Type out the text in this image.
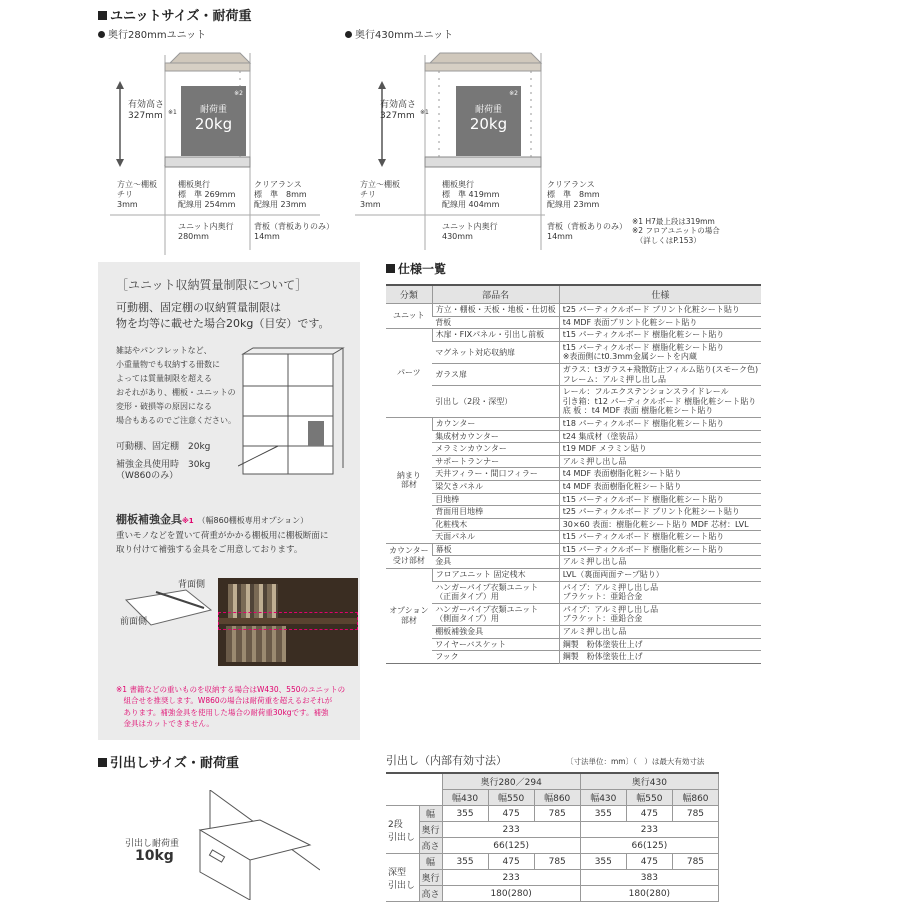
ユニットサイズ・耐荷重
奥行280mmユニット
有効高さ
327mm ※1	耐荷重
※2
20kg
方立〜棚板
チリ
3mm
棚板奥行
標　準 269mm
配線用 254mm
クリアランス
標　準　8mm
配線用 23mm
ユニット内奥行
280mm
背板（背板ありのみ）
14mm
奥行430mmユニット
有効高さ
327mm ※1	耐荷重
※2
20kg
方立〜棚板
チリ
3mm
棚板奥行
標　準 419mm
配線用 404mm
クリアランス
標　準　8mm
配線用 23mm
ユニット内奥行
430mm
背板（背板ありのみ）
14mm
※1 H7最上段は319mm
※2 フロアユニットの場合
　（詳しくはP.153）
［ユニット収納質量制限について］
可動棚、固定棚の収納質量制限は
物を均等に載せた場合20kg（目安）です。
雑誌やパンフレットなど、
小重量物でも収納する冊数に
よっては質量制限を超える
おそれがあり、棚板・ユニットの
変形・破損等の原因になる
場合もあるのでご注意ください。
可動棚、固定棚　20kg
補強金具使用時　30kg
（W860のみ）
棚板補強金具※1 （幅860棚板専用オプション）
重いモノなどを置いて荷重がかかる棚板用に棚板断面に
取り付けて補強する金具をご用意しております。
背面側
前面側
※1 書籍などの重いものを収納する場合はW430、550のユニットの
　組合せを推奨します。W860の場合は耐荷重を超えるおそれが
　あります。補強金具を使用した場合の耐荷重30kgです。補強
　金具はカットできません。
仕様一覧
分類	部品名	仕様
ユニット	方立・棚板・天板・地板・仕切板	t25 パーティクルボード プリント化粧シート貼り
	背板	t4 MDF 表面プリント化粧シート貼り
パーツ	木扉・FIXパネル・引出し前板	t15 パーティクルボード 樹脂化粧シート貼り
	マグネット対応収納扉	t15 パーティクルボード 樹脂化粧シート貼り
※表面側にt0.3mm金属シートを内蔵
	ガラス扉	ガラス：t3ガラス+飛散防止フィルム貼り(スモーク色)
フレーム：アルミ押し出し品
	引出し（2段・深型）	レール：フルエクステンションスライドレール
引き箱：t12 パーティクルボード 樹脂化粧シート貼り
底 板 ：t4 MDF 表面 樹脂化粧シート貼り
納まり
部材	カウンター	t18 パーティクルボード 樹脂化粧シート貼り
	集成材カウンター	t24 集成材（塗装品）
	メラミンカウンター	t19 MDF メラミン貼り
	サポートランナー	アルミ押し出し品
	天井フィラー・間口フィラー	t4 MDF 表面樹脂化粧シート貼り
	梁欠きパネル	t4 MDF 表面樹脂化粧シート貼り
	目地棒	t15 パーティクルボード 樹脂化粧シート貼り
	背面用目地棒	t25 パーティクルボード プリント化粧シート貼り
	化粧桟木	30×60 表面：樹脂化粧シート貼り MDF 芯材：LVL
	天面パネル	t15 パーティクルボード 樹脂化粧シート貼り
カウンター
受け部材	幕板	t15 パーティクルボード 樹脂化粧シート貼り
	金具	アルミ押し出し品
オプション
部材	フロアユニット 固定桟木	LVL（裏面両面テープ貼り）
	ハンガーパイプ衣類ユニット
（正面タイプ）用	パイプ：アルミ押し出し品
ブラケット：亜鉛合金
	ハンガーパイプ衣類ユニット
（側面タイプ）用	パイプ：アルミ押し出し品
ブラケット：亜鉛合金
	棚板補強金具	アルミ押し出し品
	ワイヤーバスケット	鋼製　粉体塗装仕上げ
	フック	鋼製　粉体塗装仕上げ
引出しサイズ・耐荷重
引出し耐荷重
10kg
引出し（内部有効寸法）	〔寸法単位：mm〕（　）は最大有効寸法
		奥行280／294			奥行430		
		幅430	幅550	幅860	幅430	幅550	幅860
2段
引出し	幅	355	475	785	355	475	785
	奥行	233			233		
	高さ	66(125)			66(125)		
深型
引出し	幅	355	475	785	355	475	785
	奥行	233			383		
	高さ	180(280)			180(280)		
